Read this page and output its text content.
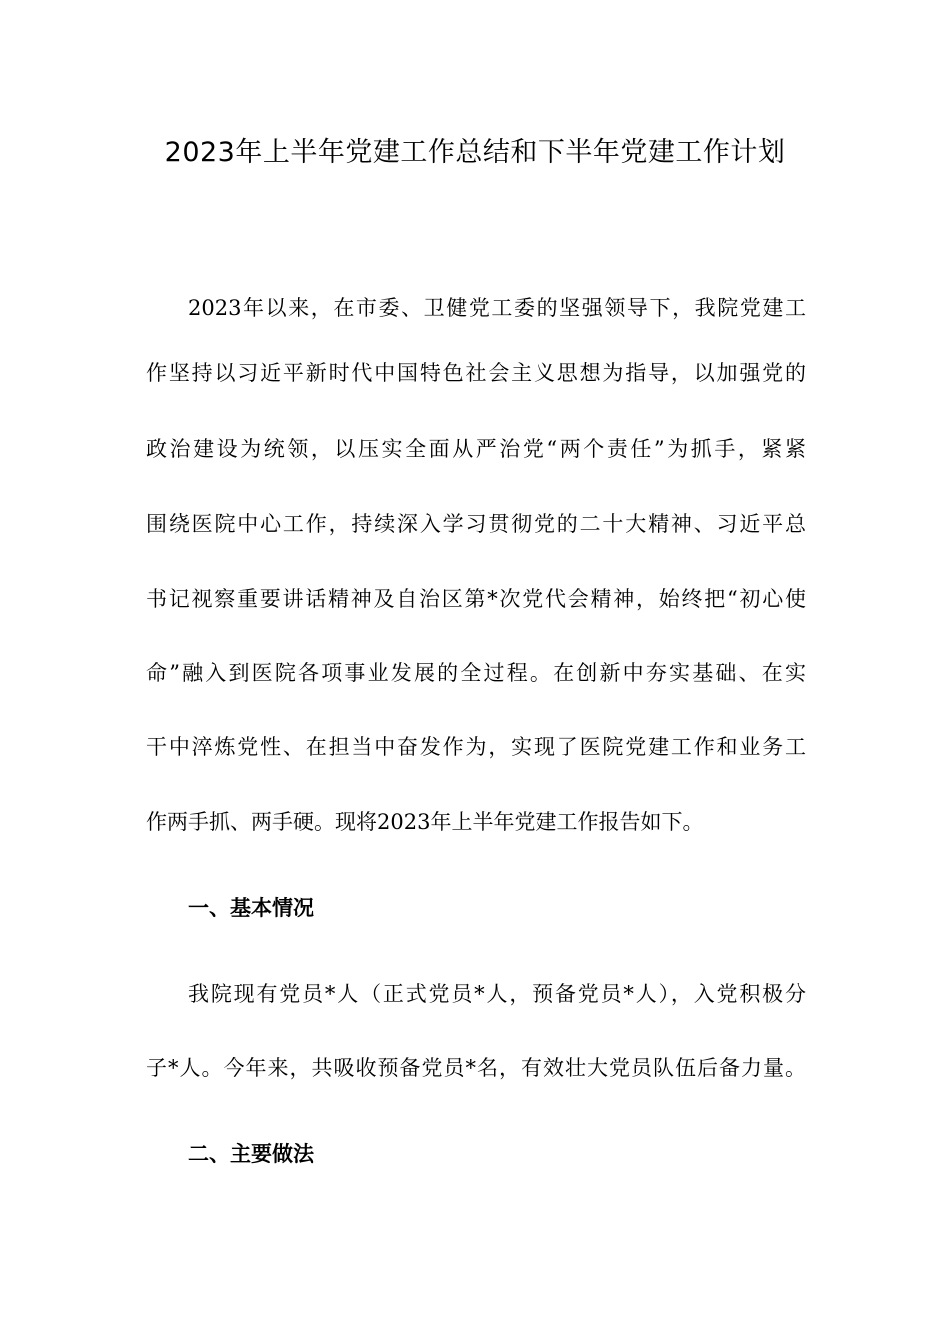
2023年上半年党建工作总结和下半年党建工作计划
2023年以来，在市委、卫健党工委的坚强领导下，我院党建工
作坚持以习近平新时代中国特色社会主义思想为指导，以加强党的
政治建设为统领，以压实全面从严治党“两个责任”为抓手，紧紧
围绕医院中心工作，持续深入学习贯彻党的二十大精神、习近平总
书记视察重要讲话精神及自治区第*次党代会精神，始终把“初心使
命”融入到医院各项事业发展的全过程。在创新中夯实基础、在实
干中淬炼党性、在担当中奋发作为，实现了医院党建工作和业务工
作两手抓、两手硬。现将2023年上半年党建工作报告如下。
一、基本情况
我院现有党员*人（正式党员*人，预备党员*人），入党积极分
子*人。今年来，共吸收预备党员*名，有效壮大党员队伍后备力量。
二、主要做法
